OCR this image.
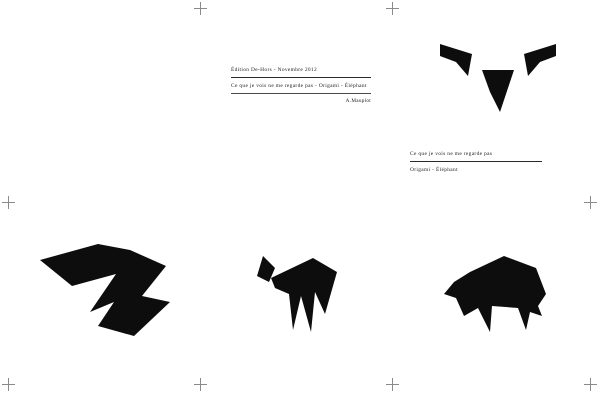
Édition De-Hors - Novembre 2012
Ce que je vois ne me regarde pas - Origami - Éléphant
A.Mauplot
Ce que je vois ne me regarde pas
Origami - Éléphant
